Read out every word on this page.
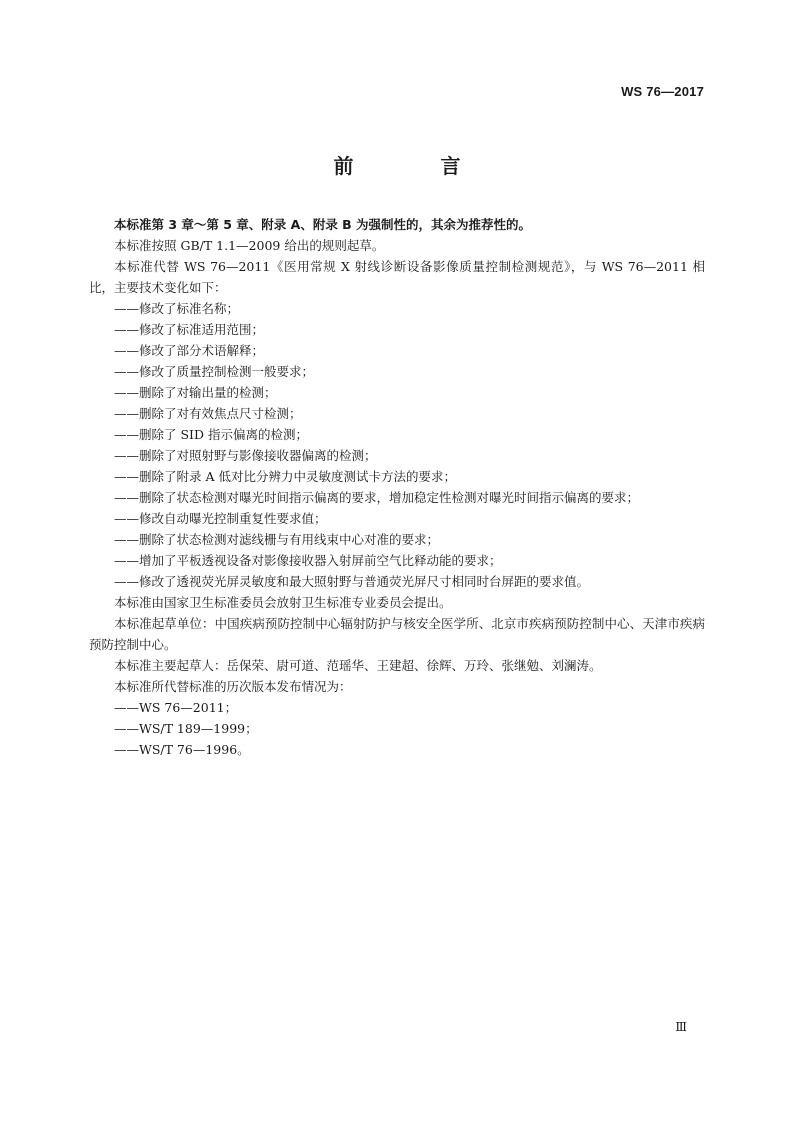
WS 76—2017
前 言

本标准第 3 章～第 5 章、附录 A、附录 B 为强制性的，其余为推荐性的。

本标准按照 GB/T 1.1—2009 给出的规则起草。

本标准代替 WS 76—2011《医用常规 X 射线诊断设备影像质量控制检测规范》，与 WS 76—2011 相比，主要技术变化如下：

——修改了标准名称；

——修改了标准适用范围；

——修改了部分术语解释；

——修改了质量控制检测一般要求；

——删除了对输出量的检测；

——删除了对有效焦点尺寸检测；

——删除了 SID 指示偏离的检测；

——删除了对照射野与影像接收器偏离的检测；

——删除了附录 A 低对比分辨力中灵敏度测试卡方法的要求；

——删除了状态检测对曝光时间指示偏离的要求，增加稳定性检测对曝光时间指示偏离的要求；

——修改自动曝光控制重复性要求值；

——删除了状态检测对滤线栅与有用线束中心对准的要求；

——增加了平板透视设备对影像接收器入射屏前空气比释动能的要求；

——修改了透视荧光屏灵敏度和最大照射野与普通荧光屏尺寸相同时台屏距的要求值。

本标准由国家卫生标准委员会放射卫生标准专业委员会提出。

本标准起草单位：中国疾病预防控制中心辐射防护与核安全医学所、北京市疾病预防控制中心、天津市疾病预防控制中心。

本标准主要起草人：岳保荣、尉可道、范瑶华、王建超、徐辉、万玲、张继勉、刘澜涛。

本标准所代替标准的历次版本发布情况为：

——WS 76—2011；

——WS/T 189—1999；

——WS/T 76—1996。

Ⅲ
